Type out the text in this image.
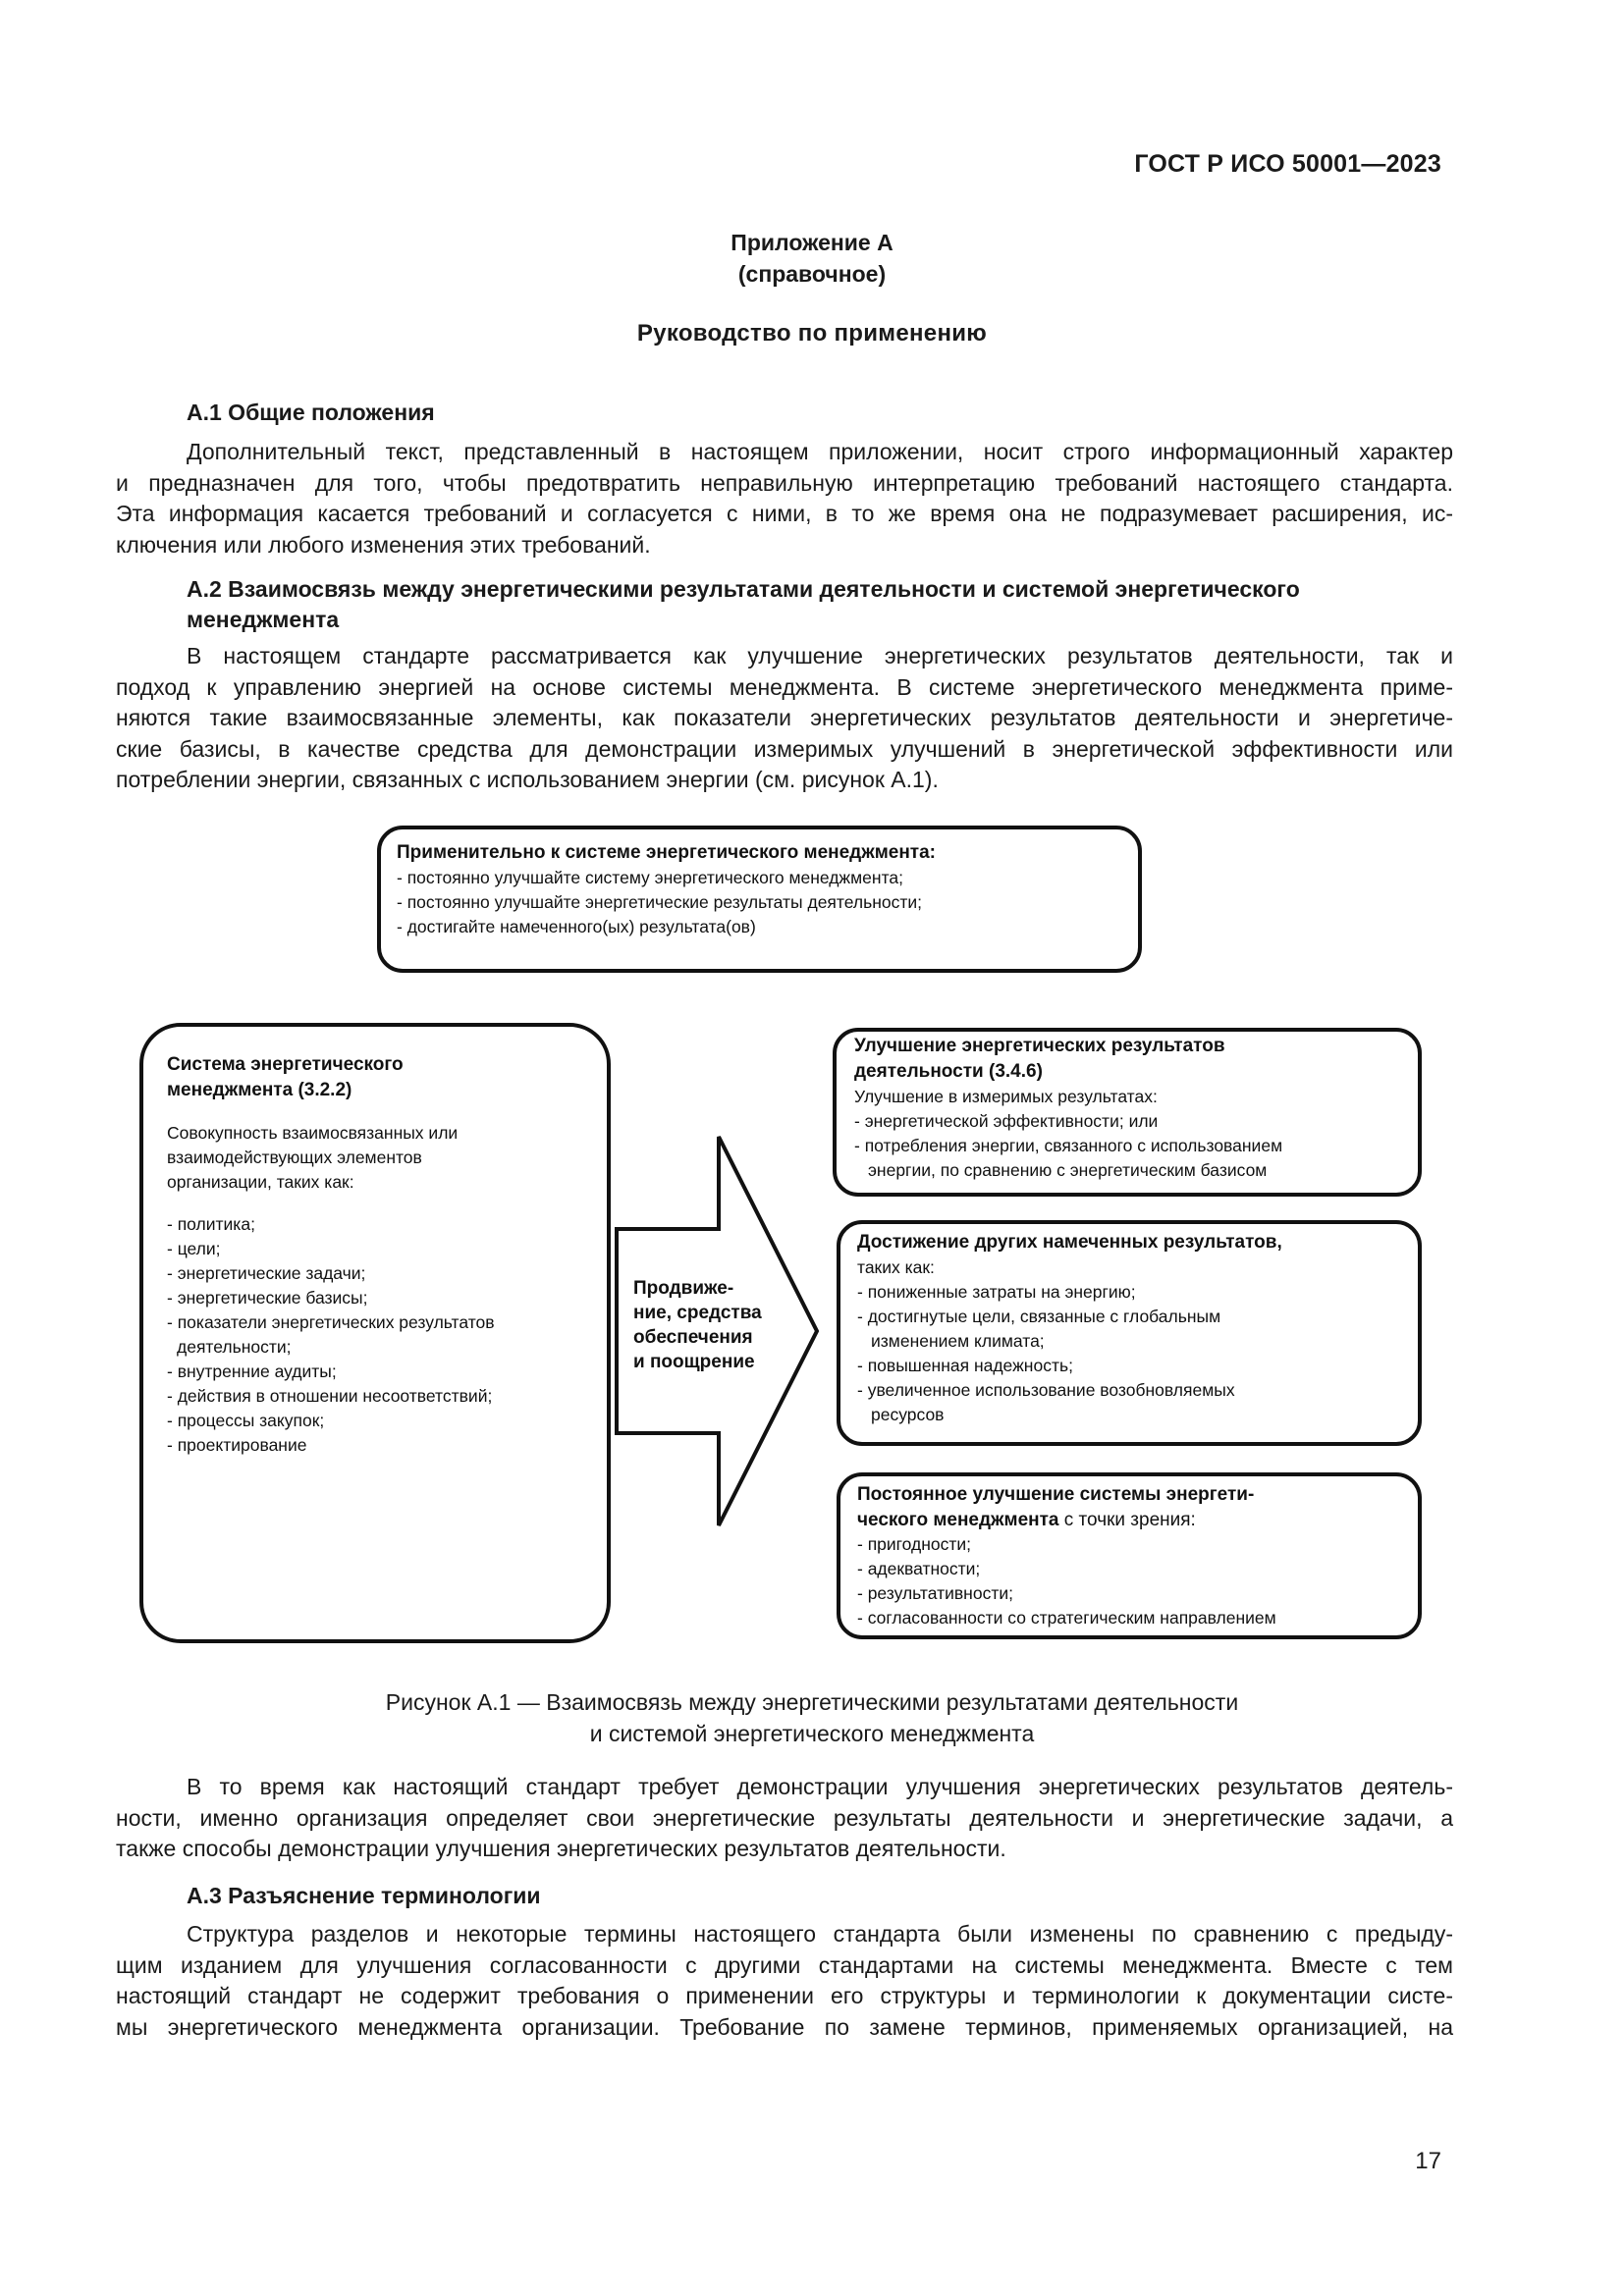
ГОСТ Р ИСО 50001—2023
Приложение А
(справочное)
Руководство по применению
А.1 Общие положения
Дополнительный текст, представленный в настоящем приложении, носит строго информационный характер
и предназначен для того, чтобы предотвратить неправильную интерпретацию требований настоящего стандарта.
Эта информация касается требований и согласуется с ними, в то же время она не подразумевает расширения, ис-
ключения или любого изменения этих требований.
А.2 Взаимосвязь между энергетическими результатами деятельности и системой энергетического
менеджмента
В настоящем стандарте рассматривается как улучшение энергетических результатов деятельности, так и
подход к управлению энергией на основе системы менеджмента. В системе энергетического менеджмента приме-
няются такие взаимосвязанные элементы, как показатели энергетических результатов деятельности и энергетиче-
ские базисы, в качестве средства для демонстрации измеримых улучшений в энергетической эффективности или
потреблении энергии, связанных с использованием энергии (см. рисунок А.1).
Применительно к системе энергетического менеджмента:
- постоянно улучшайте систему энергетического менеджмента;
- постоянно улучшайте энергетические результаты деятельности;
- достигайте намеченного(ых) результата(ов)
Система энергетического
менеджмента (3.2.2)
Совокупность взаимосвязанных или
взаимодействующих элементов
организации, таких как:
- политика;
- цели;
- энергетические задачи;
- энергетические базисы;
- показатели энергетических результатов
деятельности;
- внутренние аудиты;
- действия в отношении несоответствий;
- процессы закупок;
- проектирование
Продвиже-
ние, средства
обеспечения
и поощрение
Улучшение энергетических результатов
деятельности (3.4.6)
Улучшение в измеримых результатах:
- энергетической эффективности; или
- потребления энергии, связанного с использованием
энергии, по сравнению с энергетическим базисом
Достижение других намеченных результатов,
таких как:
- пониженные затраты на энергию;
- достигнутые цели, связанные с глобальным
изменением климата;
- повышенная надежность;
- увеличенное использование возобновляемых
ресурсов
Постоянное улучшение системы энергети-
ческого менеджмента с точки зрения:
- пригодности;
- адекватности;
- результативности;
- согласованности со стратегическим направлением
Рисунок А.1 — Взаимосвязь между энергетическими результатами деятельности
и системой энергетического менеджмента
В то время как настоящий стандарт требует демонстрации улучшения энергетических результатов деятель-
ности, именно организация определяет свои энергетические результаты деятельности и энергетические задачи, а
также способы демонстрации улучшения энергетических результатов деятельности.
А.3 Разъяснение терминологии
Структура разделов и некоторые термины настоящего стандарта были изменены по сравнению с предыду-
щим изданием для улучшения согласованности с другими стандартами на системы менеджмента. Вместе с тем
настоящий стандарт не содержит требования о применении его структуры и терминологии к документации систе-
мы энергетического менеджмента организации. Требование по замене терминов, применяемых организацией, на
17
